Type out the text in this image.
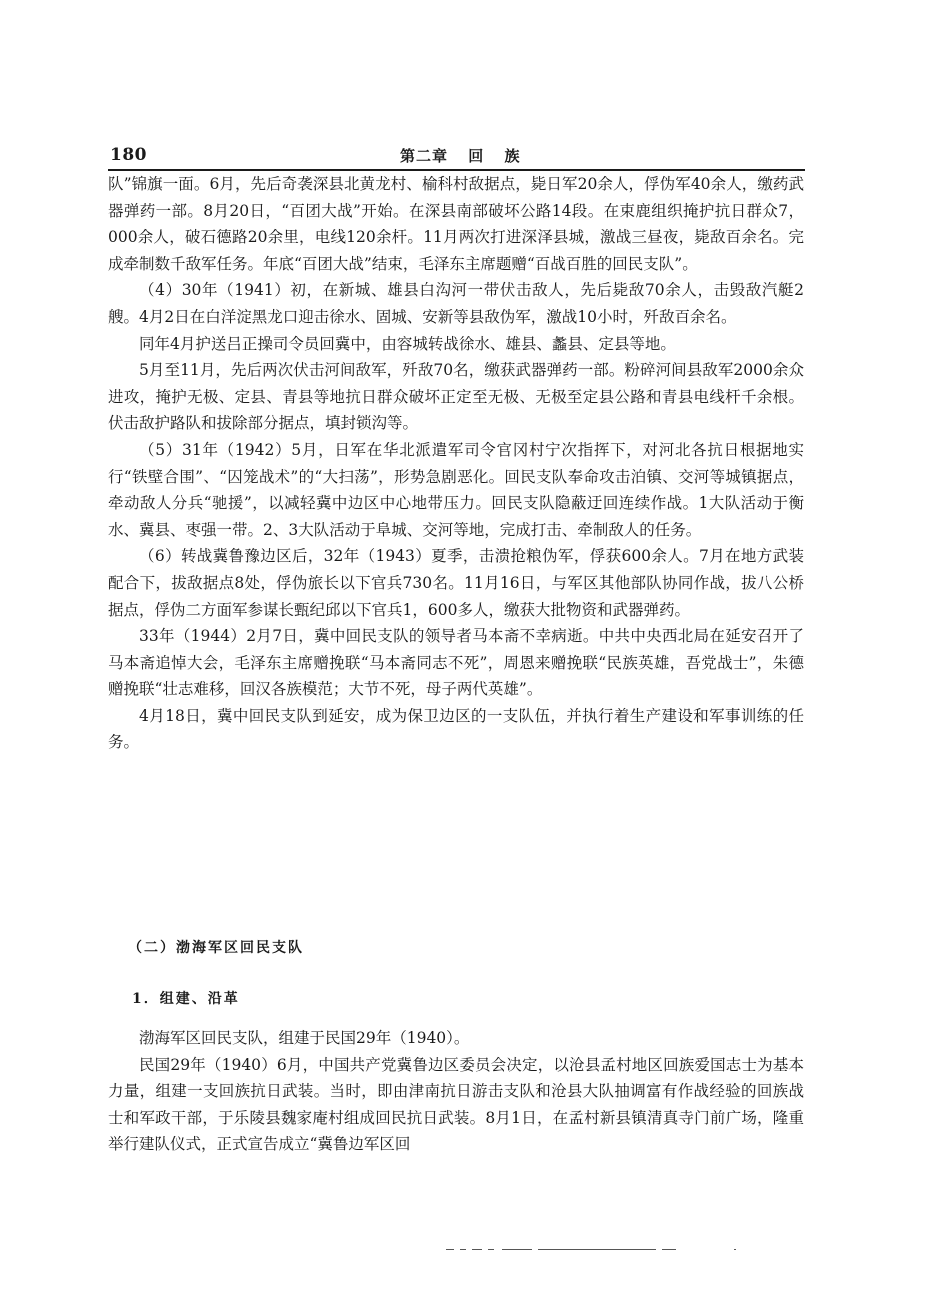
180	第二章 回 族

队”锦旗一面。6月，先后奇袭深县北黄龙村、榆科村敌据点，毙日军20余人，俘伪军40余人，缴药武器弹药一部。8月20日，“百团大战”开始。在深县南部破坏公路14段。在束鹿组织掩护抗日群众7，000余人，破石德路20余里，电线120余杆。11月两次打进深泽县城，激战三昼夜，毙敌百余名。完成牵制数千敌军任务。年底“百团大战”结束，毛泽东主席题赠“百战百胜的回民支队”。

（4）30年（1941）初，在新城、雄县白沟河一带伏击敌人，先后毙敌70余人，击毁敌汽艇2艘。4月2日在白洋淀黑龙口迎击徐水、固城、安新等县敌伪军，激战10小时，歼敌百余名。

同年4月护送吕正操司令员回冀中，由容城转战徐水、雄县、蠡县、定县等地。

5月至11月，先后两次伏击河间敌军，歼敌70名，缴获武器弹药一部。粉碎河间县敌军2000余众进攻，掩护无极、定县、青县等地抗日群众破坏正定至无极、无极至定县公路和青县电线杆千余根。伏击敌护路队和拔除部分据点，填封锁沟等。

（5）31年（1942）5月，日军在华北派遣军司令官冈村宁次指挥下，对河北各抗日根据地实行“铁壁合围”、“囚笼战术”的“大扫荡”，形势急剧恶化。回民支队奉命攻击泊镇、交河等城镇据点，牵动敌人分兵“驰援”，以减轻冀中边区中心地带压力。回民支队隐蔽迂回连续作战。1大队活动于衡水、冀县、枣强一带。2、3大队活动于阜城、交河等地，完成打击、牵制敌人的任务。

（6）转战冀鲁豫边区后，32年（1943）夏季，击溃抢粮伪军，俘获600余人。7月在地方武装配合下，拔敌据点8处，俘伪旅长以下官兵730名。11月16日，与军区其他部队协同作战，拔八公桥据点，俘伪二方面军参谋长甄纪邱以下官兵1，600多人，缴获大批物资和武器弹药。

33年（1944）2月7日，冀中回民支队的领导者马本斋不幸病逝。中共中央西北局在延安召开了马本斋追悼大会，毛泽东主席赠挽联“马本斋同志不死”，周恩来赠挽联“民族英雄，吾党战士”，朱德赠挽联“壮志难移，回汉各族模范；大节不死，母子两代英雄”。

4月18日，冀中回民支队到延安，成为保卫边区的一支队伍，并执行着生产建设和军事训练的任务。

（二）渤海军区回民支队
1．组建、沿革

渤海军区回民支队，组建于民国29年（1940）。

民国29年（1940）6月，中国共产党冀鲁边区委员会决定，以沧县孟村地区回族爱国志士为基本力量，组建一支回族抗日武装。当时，即由津南抗日游击支队和沧县大队抽调富有作战经验的回族战士和军政干部，于乐陵县魏家庵村组成回民抗日武装。8月1日，在孟村新县镇清真寺门前广场，隆重举行建队仪式，正式宣告成立“冀鲁边军区回
